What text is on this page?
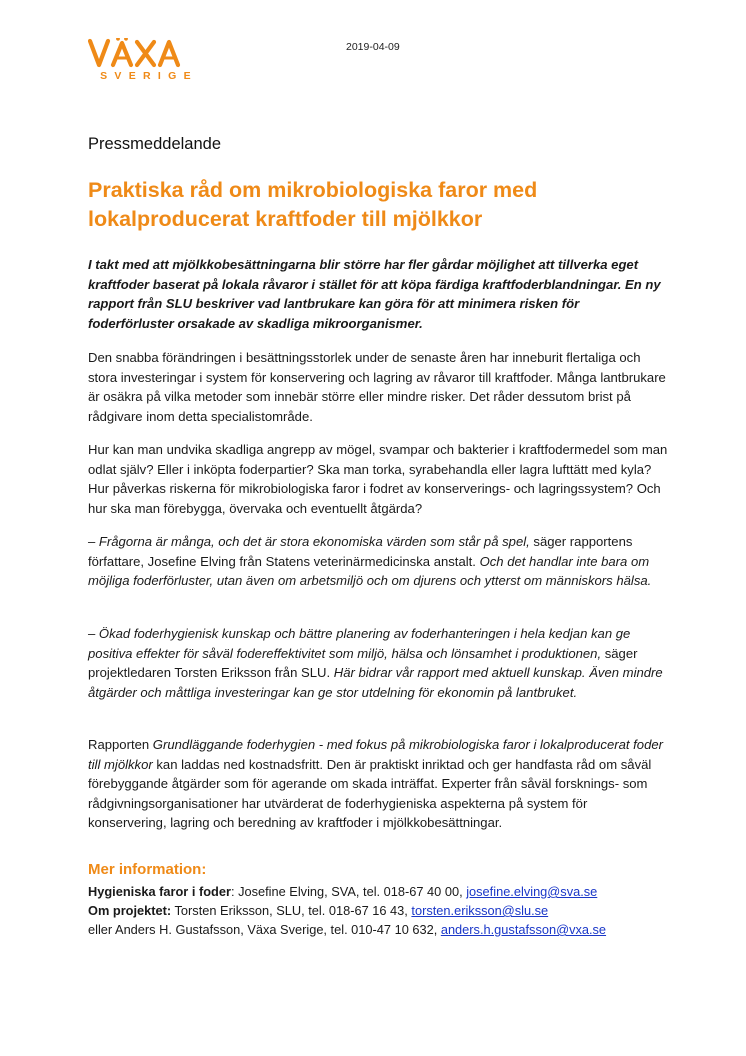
SVERIGE
2019-04-09
Pressmeddelande
Praktiska råd om mikrobiologiska faror med lokalproducerat kraftfoder till mjölkkor

I takt med att mjölkkobesättningarna blir större har fler gårdar möjlighet att tillverka eget kraftfoder baserat på lokala råvaror i stället för att köpa färdiga kraftfoderblandningar. En ny rapport från SLU beskriver vad lantbrukare kan göra för att minimera risken för foderförluster orsakade av skadliga mikroorganismer.

Den snabba förändringen i besättningsstorlek under de senaste åren har inneburit flertaliga och stora investeringar i system för konservering och lagring av råvaror till kraftfoder. Många lantbrukare är osäkra på vilka metoder som innebär större eller mindre risker. Det råder dessutom brist på rådgivare inom detta specialistområde.

Hur kan man undvika skadliga angrepp av mögel, svampar och bakterier i kraftfodermedel som man odlat själv? Eller i inköpta foderpartier? Ska man torka, syrabehandla eller lagra lufttätt med kyla? Hur påverkas riskerna för mikrobiologiska faror i fodret av konserverings- och lagringssystem? Och hur ska man förebygga, övervaka och eventuellt åtgärda?

– Frågorna är många, och det är stora ekonomiska värden som står på spel, säger rapportens författare, Josefine Elving från Statens veterinärmedicinska anstalt. Och det handlar inte bara om möjliga foderförluster, utan även om arbetsmiljö och om djurens och ytterst om människors hälsa.

– Ökad foderhygienisk kunskap och bättre planering av foderhanteringen i hela kedjan kan ge positiva effekter för såväl fodereffektivitet som miljö, hälsa och lönsamhet i produktionen, säger projektledaren Torsten Eriksson från SLU. Här bidrar vår rapport med aktuell kunskap. Även mindre åtgärder och måttliga investeringar kan ge stor utdelning för ekonomin på lantbruket.

Rapporten Grundläggande foderhygien - med fokus på mikrobiologiska faror i lokalproducerat foder till mjölkkor kan laddas ned kostnadsfritt. Den är praktiskt inriktad och ger handfasta råd om såväl förebyggande åtgärder som för agerande om skada inträffat. Experter från såväl forsknings- som rådgivningsorganisationer har utvärderat de foderhygieniska aspekterna på system för konservering, lagring och beredning av kraftfoder i mjölkkobesättningar.

Mer information:
Hygieniska faror i foder: Josefine Elving, SVA, tel. 018-67 40 00, josefine.elving@sva.se
Om projektet: Torsten Eriksson, SLU, tel. 018-67 16 43, torsten.eriksson@slu.se
eller Anders H. Gustafsson, Växa Sverige, tel. 010-47 10 632, anders.h.gustafsson@vxa.se
